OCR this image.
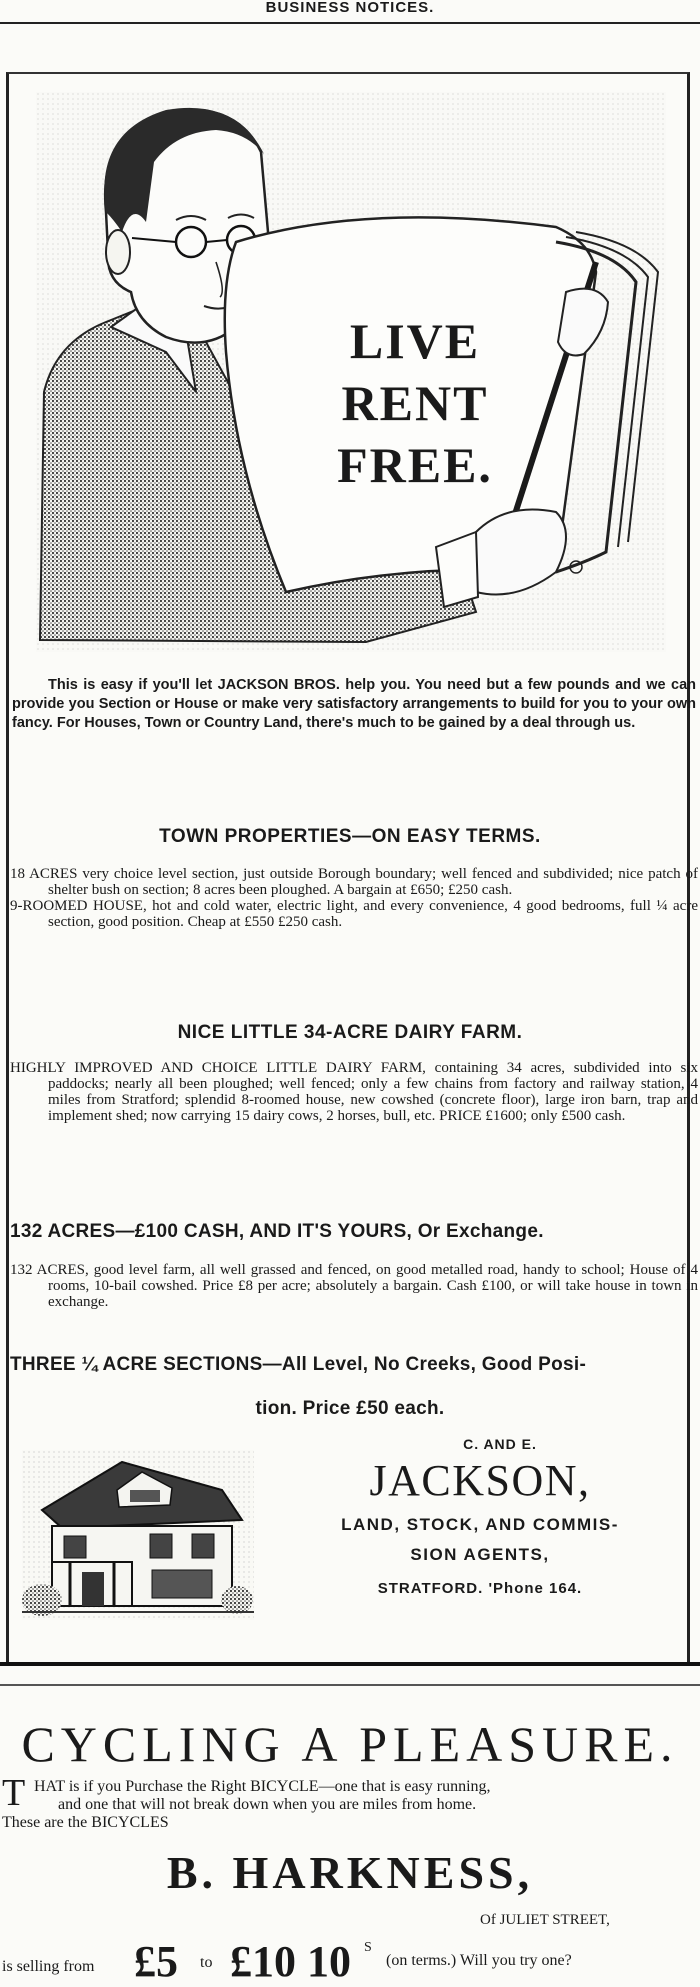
BUSINESS NOTICES.
LIVE
RENT
FREE.
This is easy if you'll let JACKSON BROS. help you. You need but a few pounds and we can provide you Section or House or make very satisfactory arrangements to build for you to your own fancy. For Houses, Town or Country Land, there's much to be gained by a deal through us.
TOWN PROPERTIES—ON EASY TERMS.

18 ACRES very choice level section, just outside Borough boundary; well fenced and subdivided; nice patch of shelter bush on section; 8 acres been ploughed. A bargain at £650; £250 cash.

9-ROOMED HOUSE, hot and cold water, electric light, and every convenience, 4 good bedrooms, full ¼ acre section, good position. Cheap at £550 £250 cash.

NICE LITTLE 34-ACRE DAIRY FARM.

HIGHLY IMPROVED AND CHOICE LITTLE DAIRY FARM, containing 34 acres, subdivided into six paddocks; nearly all been ploughed; well fenced; only a few chains from factory and railway station, 4 miles from Stratford; splendid 8-roomed house, new cowshed (concrete floor), large iron barn, trap and implement shed; now carrying 15 dairy cows, 2 horses, bull, etc. PRICE £1600; only £500 cash.

132 ACRES—£100 CASH, AND IT'S YOURS, Or Exchange.

132 ACRES, good level farm, all well grassed and fenced, on good metalled road, handy to school; House of 4 rooms, 10-bail cowshed. Price £8 per acre; absolutely a bargain. Cash £100, or will take house in town in exchange.

THREE ¼ ACRE SECTIONS—All Level, No Creeks, Good Posi-
tion. Price £50 each.
C. AND E.
JACKSON,
LAND, STOCK, AND COMMIS-
SION AGENTS,
STRATFORD. 'Phone 164.
CYCLING A PLEASURE.
T HAT is if you Purchase the Right BICYCLE—one that is easy running,
and one that will not break down when you are miles from home.
These are the BICYCLES
B. HARKNESS,
Of JULIET STREET,
is selling from £5 to £10 10 S
(on terms.) Will you try one?
